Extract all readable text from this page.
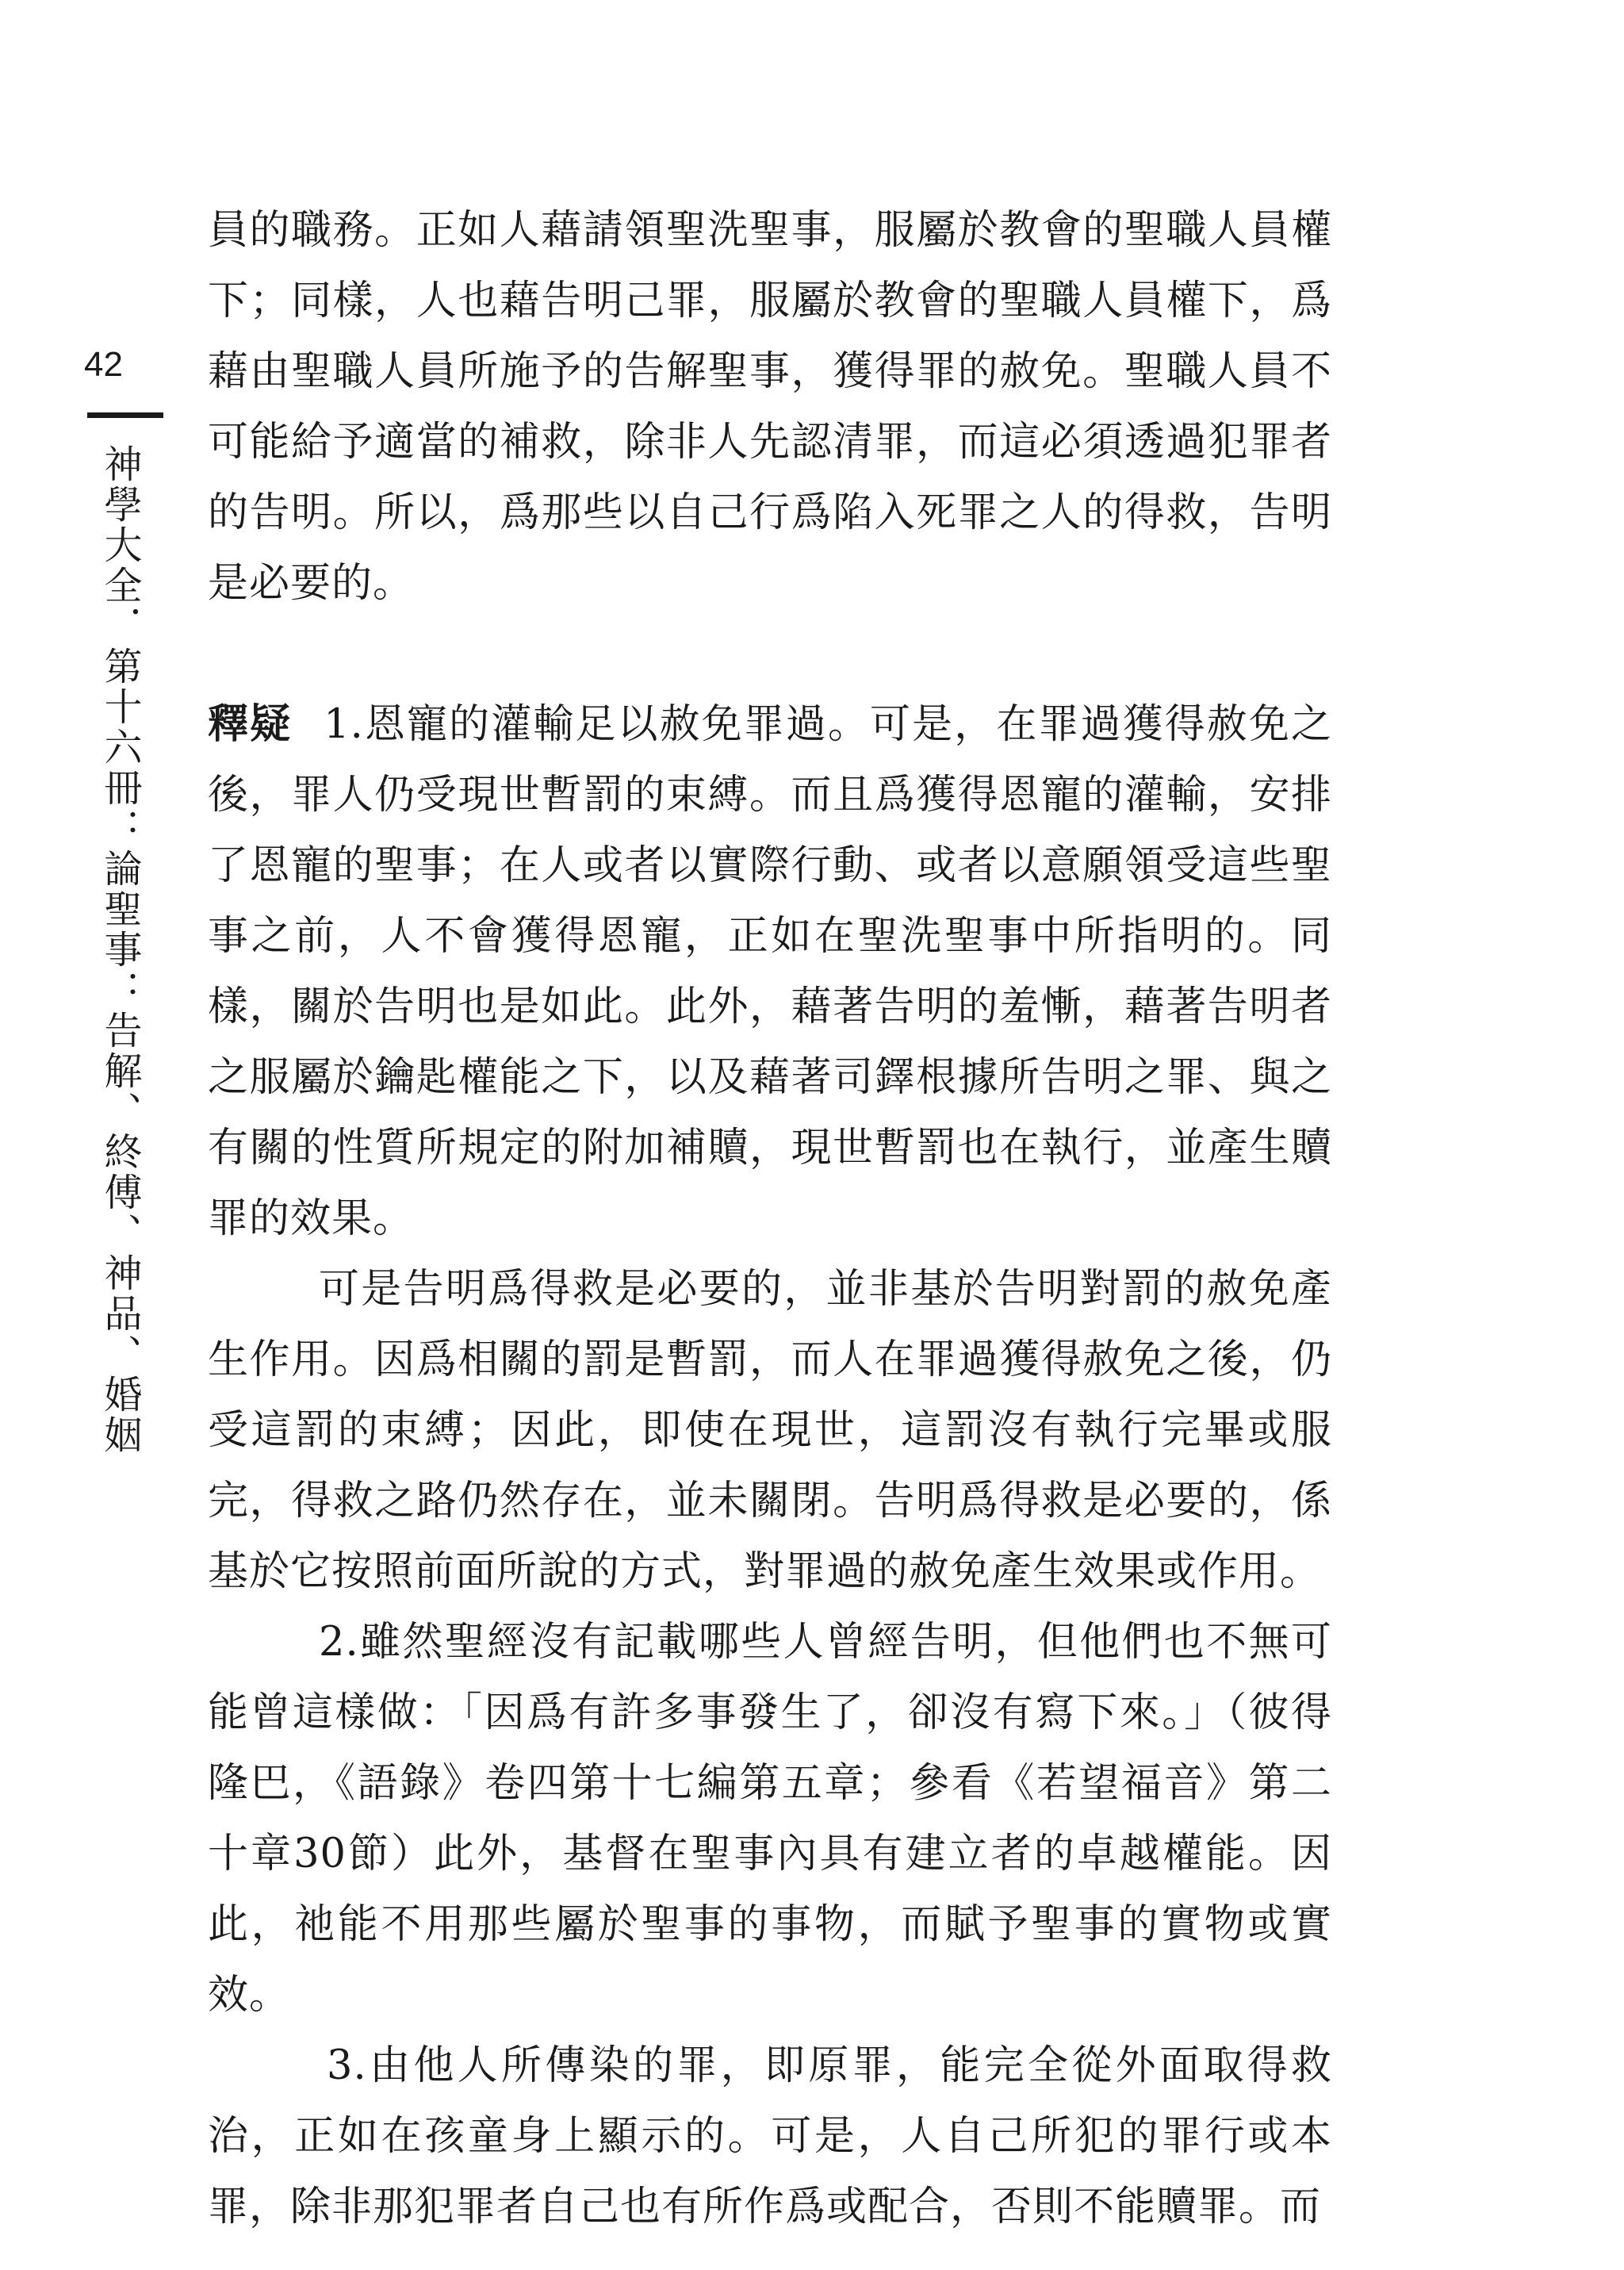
42
神學大全．第十六冊：論聖事：告解、終傅、神品、婚姻

員的職務。正如人藉請領聖洗聖事，服屬於教會的聖職人員權下；同樣，人也藉告明己罪，服屬於教會的聖職人員權下，爲藉由聖職人員所施予的告解聖事，獲得罪的赦免。聖職人員不可能給予適當的補救，除非人先認清罪，而這必須透過犯罪者的告明。所以，爲那些以自己行爲陷入死罪之人的得救，告明是必要的。

釋疑 1.恩寵的灌輸足以赦免罪過。可是，在罪過獲得赦免之後，罪人仍受現世暫罰的束縛。而且爲獲得恩寵的灌輸，安排了恩寵的聖事；在人或者以實際行動、或者以意願領受這些聖事之前，人不會獲得恩寵，正如在聖洗聖事中所指明的。同樣，關於告明也是如此。此外，藉著告明的羞慚，藉著告明者之服屬於鑰匙權能之下，以及藉著司鐸根據所告明之罪、與之有關的性質所規定的附加補贖，現世暫罰也在執行，並產生贖罪的效果。

可是告明爲得救是必要的，並非基於告明對罰的赦免產生作用。因爲相關的罰是暫罰，而人在罪過獲得赦免之後，仍受這罰的束縛；因此，即使在現世，這罰沒有執行完畢或服完，得救之路仍然存在，並未關閉。告明爲得救是必要的，係基於它按照前面所說的方式，對罪過的赦免產生效果或作用。

2.雖然聖經沒有記載哪些人曾經告明，但他們也不無可能曾這樣做：「因爲有許多事發生了，卻沒有寫下來。」（彼得隆巴，《語錄》卷四第十七編第五章；參看《若望福音》第二十章30節）此外，基督在聖事內具有建立者的卓越權能。因此，祂能不用那些屬於聖事的事物，而賦予聖事的實物或實效。

3.由他人所傳染的罪，即原罪，能完全從外面取得救治，正如在孩童身上顯示的。可是，人自己所犯的罪行或本罪，除非那犯罪者自己也有所作爲或配合，否則不能贖罪。而
